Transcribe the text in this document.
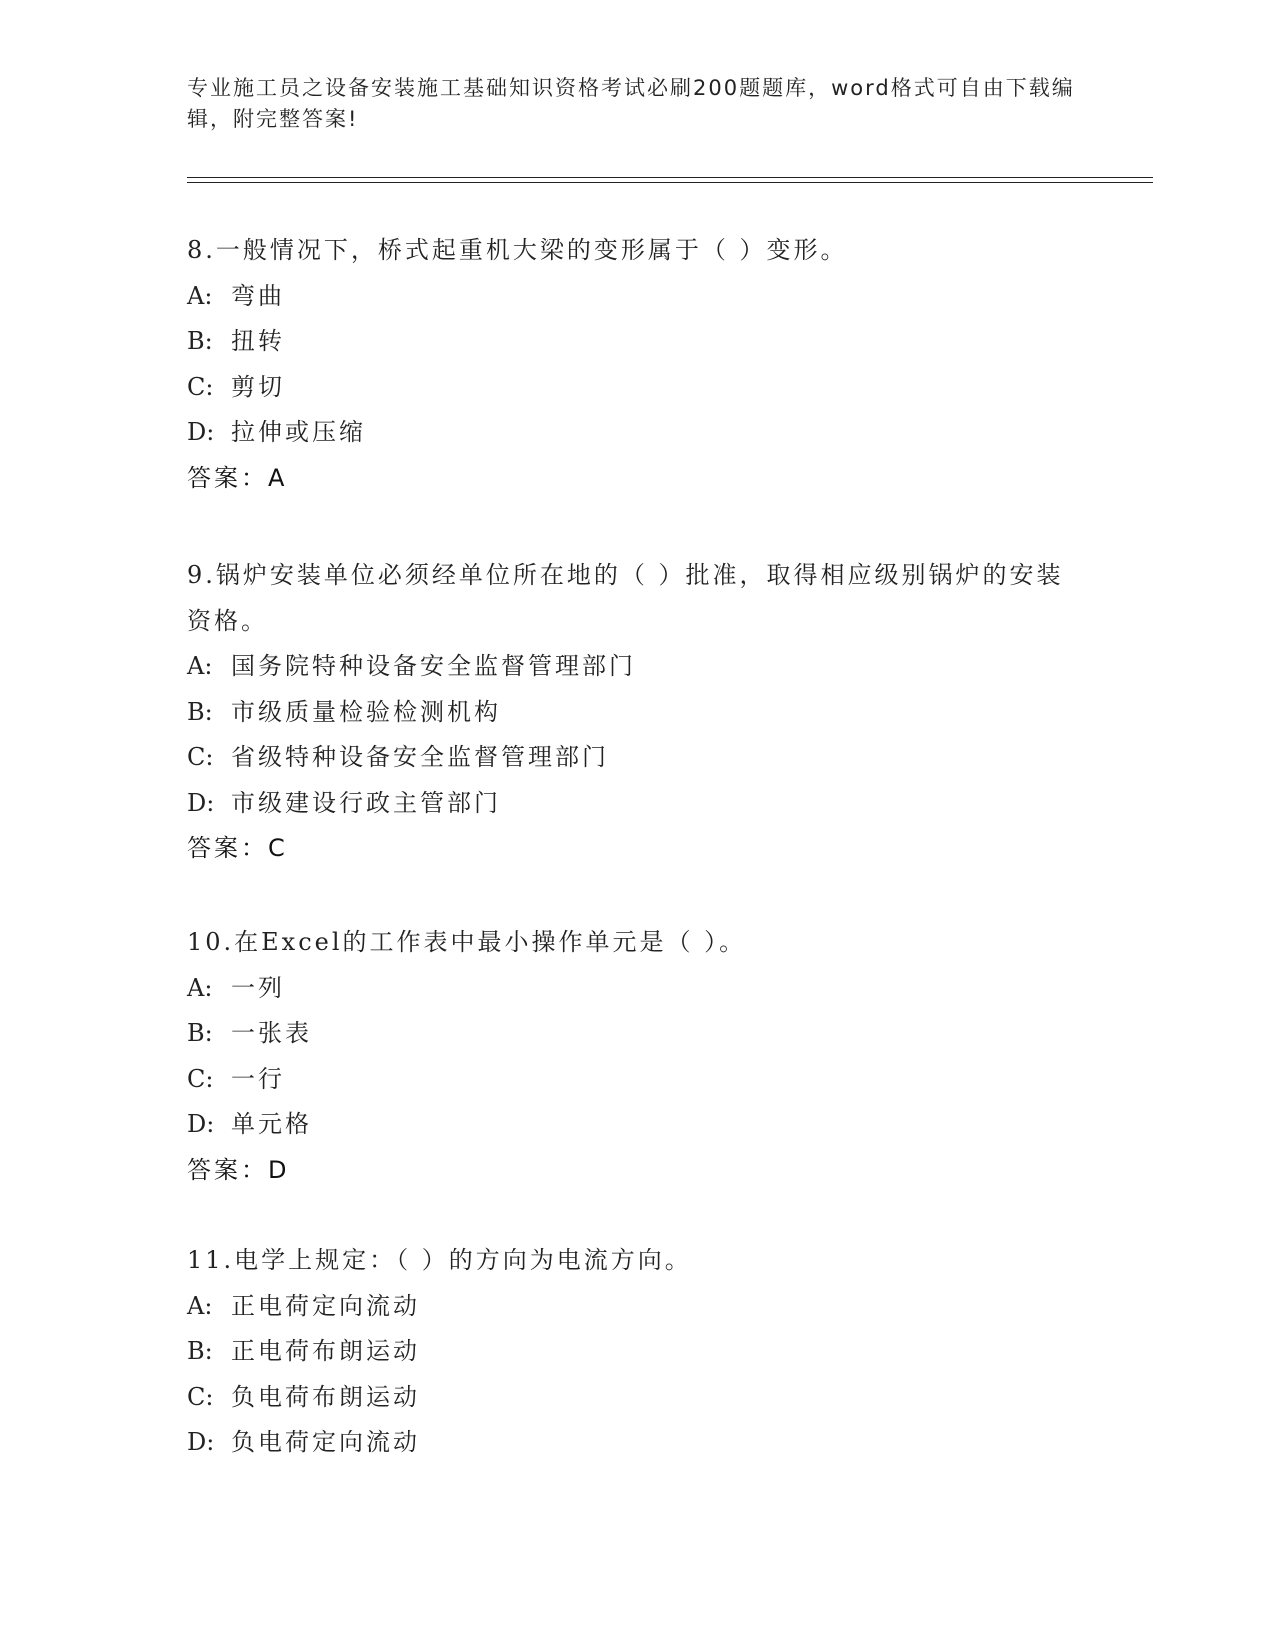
专业施工员之设备安装施工基础知识资格考试必刷200题题库，word格式可自由下载编辑，附完整答案!
8.一般情况下，桥式起重机大梁的变形属于（ ）变形。
A: 弯曲
B: 扭转
C: 剪切
D: 拉伸或压缩
答案：A
9.锅炉安装单位必须经单位所在地的（ ）批准，取得相应级别锅炉的安装资格。
A: 国务院特种设备安全监督管理部门
B: 市级质量检验检测机构
C: 省级特种设备安全监督管理部门
D: 市级建设行政主管部门
答案：C
10.在Excel的工作表中最小操作单元是（ ）。
A: 一列
B: 一张表
C: 一行
D: 单元格
答案：D
11.电学上规定：（ ）的方向为电流方向。
A: 正电荷定向流动
B: 正电荷布朗运动
C: 负电荷布朗运动
D: 负电荷定向流动
